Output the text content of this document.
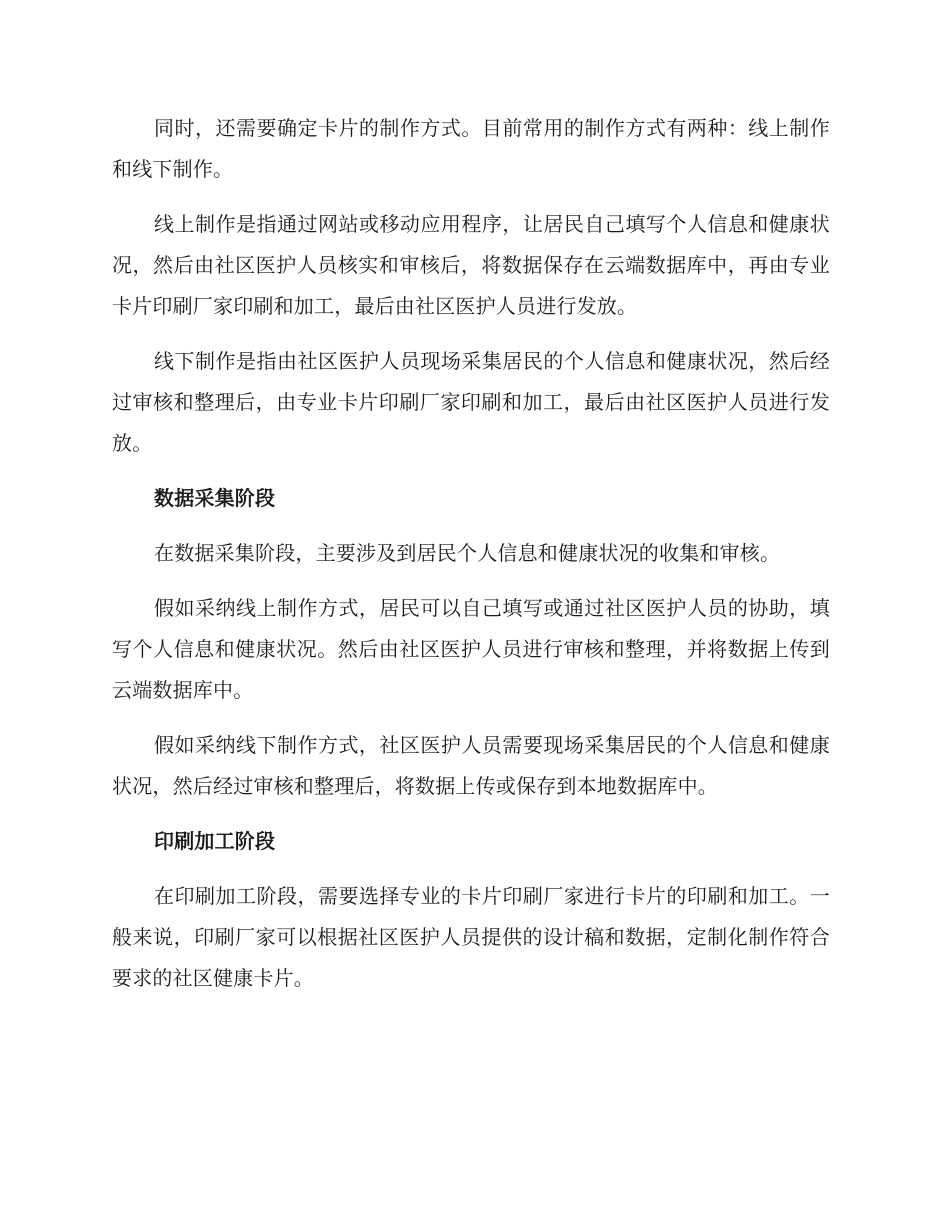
同时，还需要确定卡片的制作方式。目前常用的制作方式有两种：线上制作和线下制作。

线上制作是指通过网站或移动应用程序，让居民自己填写个人信息和健康状况，然后由社区医护人员核实和审核后，将数据保存在云端数据库中，再由专业卡片印刷厂家印刷和加工，最后由社区医护人员进行发放。

线下制作是指由社区医护人员现场采集居民的个人信息和健康状况，然后经过审核和整理后，由专业卡片印刷厂家印刷和加工，最后由社区医护人员进行发放。

数据采集阶段

在数据采集阶段，主要涉及到居民个人信息和健康状况的收集和审核。

假如采纳线上制作方式，居民可以自己填写或通过社区医护人员的协助，填写个人信息和健康状况。然后由社区医护人员进行审核和整理，并将数据上传到云端数据库中。

假如采纳线下制作方式，社区医护人员需要现场采集居民的个人信息和健康状况，然后经过审核和整理后，将数据上传或保存到本地数据库中。

印刷加工阶段

在印刷加工阶段，需要选择专业的卡片印刷厂家进行卡片的印刷和加工。一般来说，印刷厂家可以根据社区医护人员提供的设计稿和数据，定制化制作符合要求的社区健康卡片。
